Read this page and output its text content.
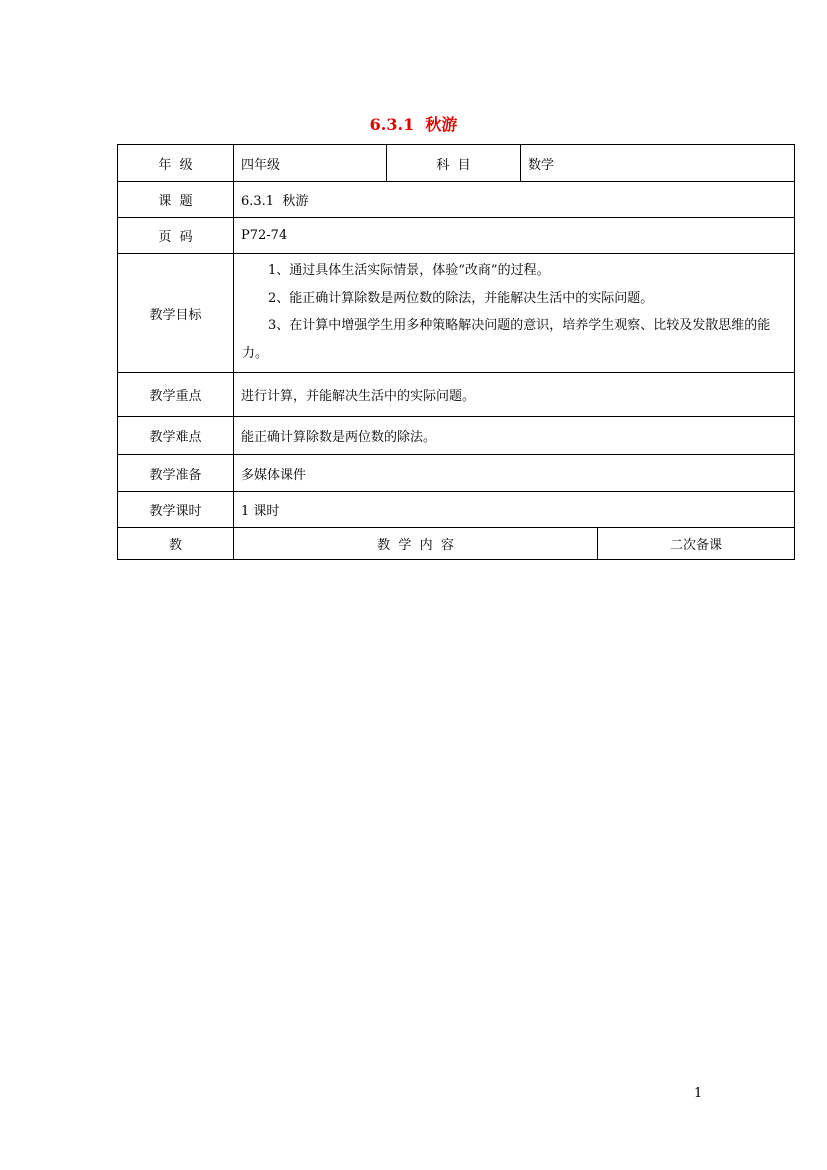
6.3.1  秋游
年  级	四年级	科  目	数学	
课  题	6.3.1  秋游			
页  码	P72-74			
教学目标	1、通过具体生活实际情景，体验“改商”的过程。

2、能正确计算除数是两位数的除法，并能解决生活中的实际问题。

3、在计算中增强学生用多种策略解决问题的意识，培养学生观察、比较及发散思维的能力。			

教学重点	进行计算，并能解决生活中的实际问题。			
教学难点	能正确计算除数是两位数的除法。			
教学准备	多媒体课件			
教学课时	1 课时			
教	教  学  内  容			二次备课
1
